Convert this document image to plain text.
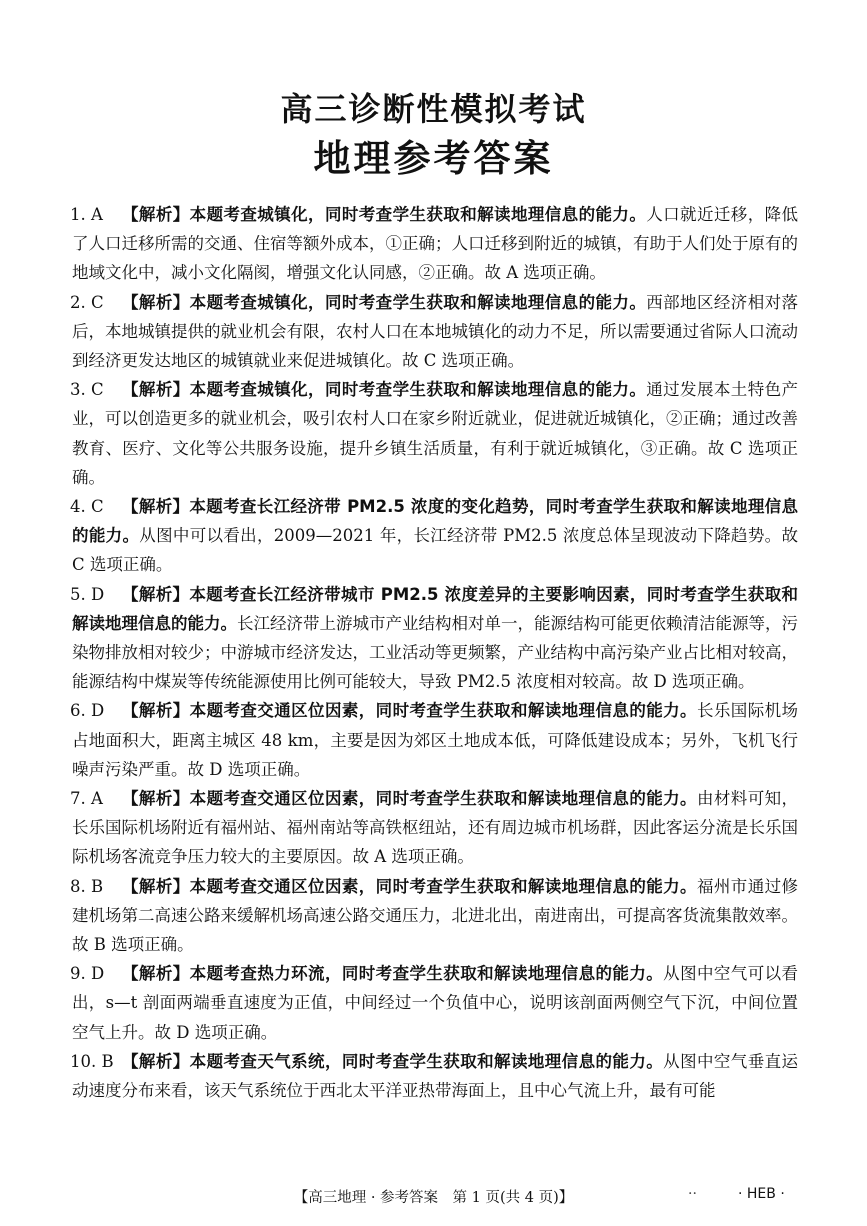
高三诊断性模拟考试
地理参考答案

1. A	【解析】本题考查城镇化，同时考查学生获取和解读地理信息的能力。人口就近迁移，降低了人口迁移所需的交通、住宿等额外成本，①正确；人口迁移到附近的城镇，有助于人们处于原有的地域文化中，减小文化隔阂，增强文化认同感，②正确。故 A 选项正确。

2. C	【解析】本题考查城镇化，同时考查学生获取和解读地理信息的能力。西部地区经济相对落后，本地城镇提供的就业机会有限，农村人口在本地城镇化的动力不足，所以需要通过省际人口流动到经济更发达地区的城镇就业来促进城镇化。故 C 选项正确。

3. C	【解析】本题考查城镇化，同时考查学生获取和解读地理信息的能力。通过发展本土特色产业，可以创造更多的就业机会，吸引农村人口在家乡附近就业，促进就近城镇化，②正确；通过改善教育、医疗、文化等公共服务设施，提升乡镇生活质量，有利于就近城镇化，③正确。故 C 选项正确。

4. C	【解析】本题考查长江经济带 PM2.5 浓度的变化趋势，同时考查学生获取和解读地理信息的能力。从图中可以看出，2009—2021 年，长江经济带 PM2.5 浓度总体呈现波动下降趋势。故 C 选项正确。

5. D	【解析】本题考查长江经济带城市 PM2.5 浓度差异的主要影响因素，同时考查学生获取和解读地理信息的能力。长江经济带上游城市产业结构相对单一，能源结构可能更依赖清洁能源等，污染物排放相对较少；中游城市经济发达，工业活动等更频繁，产业结构中高污染产业占比相对较高，能源结构中煤炭等传统能源使用比例可能较大，导致 PM2.5 浓度相对较高。故 D 选项正确。

6. D	【解析】本题考查交通区位因素，同时考查学生获取和解读地理信息的能力。长乐国际机场占地面积大，距离主城区 48 km，主要是因为郊区土地成本低，可降低建设成本；另外，飞机飞行噪声污染严重。故 D 选项正确。

7. A	【解析】本题考查交通区位因素，同时考查学生获取和解读地理信息的能力。由材料可知，长乐国际机场附近有福州站、福州南站等高铁枢纽站，还有周边城市机场群，因此客运分流是长乐国际机场客流竞争压力较大的主要原因。故 A 选项正确。

8. B	【解析】本题考查交通区位因素，同时考查学生获取和解读地理信息的能力。福州市通过修建机场第二高速公路来缓解机场高速公路交通压力，北进北出，南进南出，可提高客货流集散效率。故 B 选项正确。

9. D	【解析】本题考查热力环流，同时考查学生获取和解读地理信息的能力。从图中空气可以看出，s—t 剖面两端垂直速度为正值，中间经过一个负值中心，说明该剖面两侧空气下沉，中间位置空气上升。故 D 选项正确。

10. B 【解析】本题考查天气系统，同时考查学生获取和解读地理信息的能力。从图中空气垂直运动速度分布来看，该天气系统位于西北太平洋亚热带海面上，且中心气流上升，最有可能

【高三地理 · 参考答案　第 1 页(共 4 页)】	··	· HEB ·
